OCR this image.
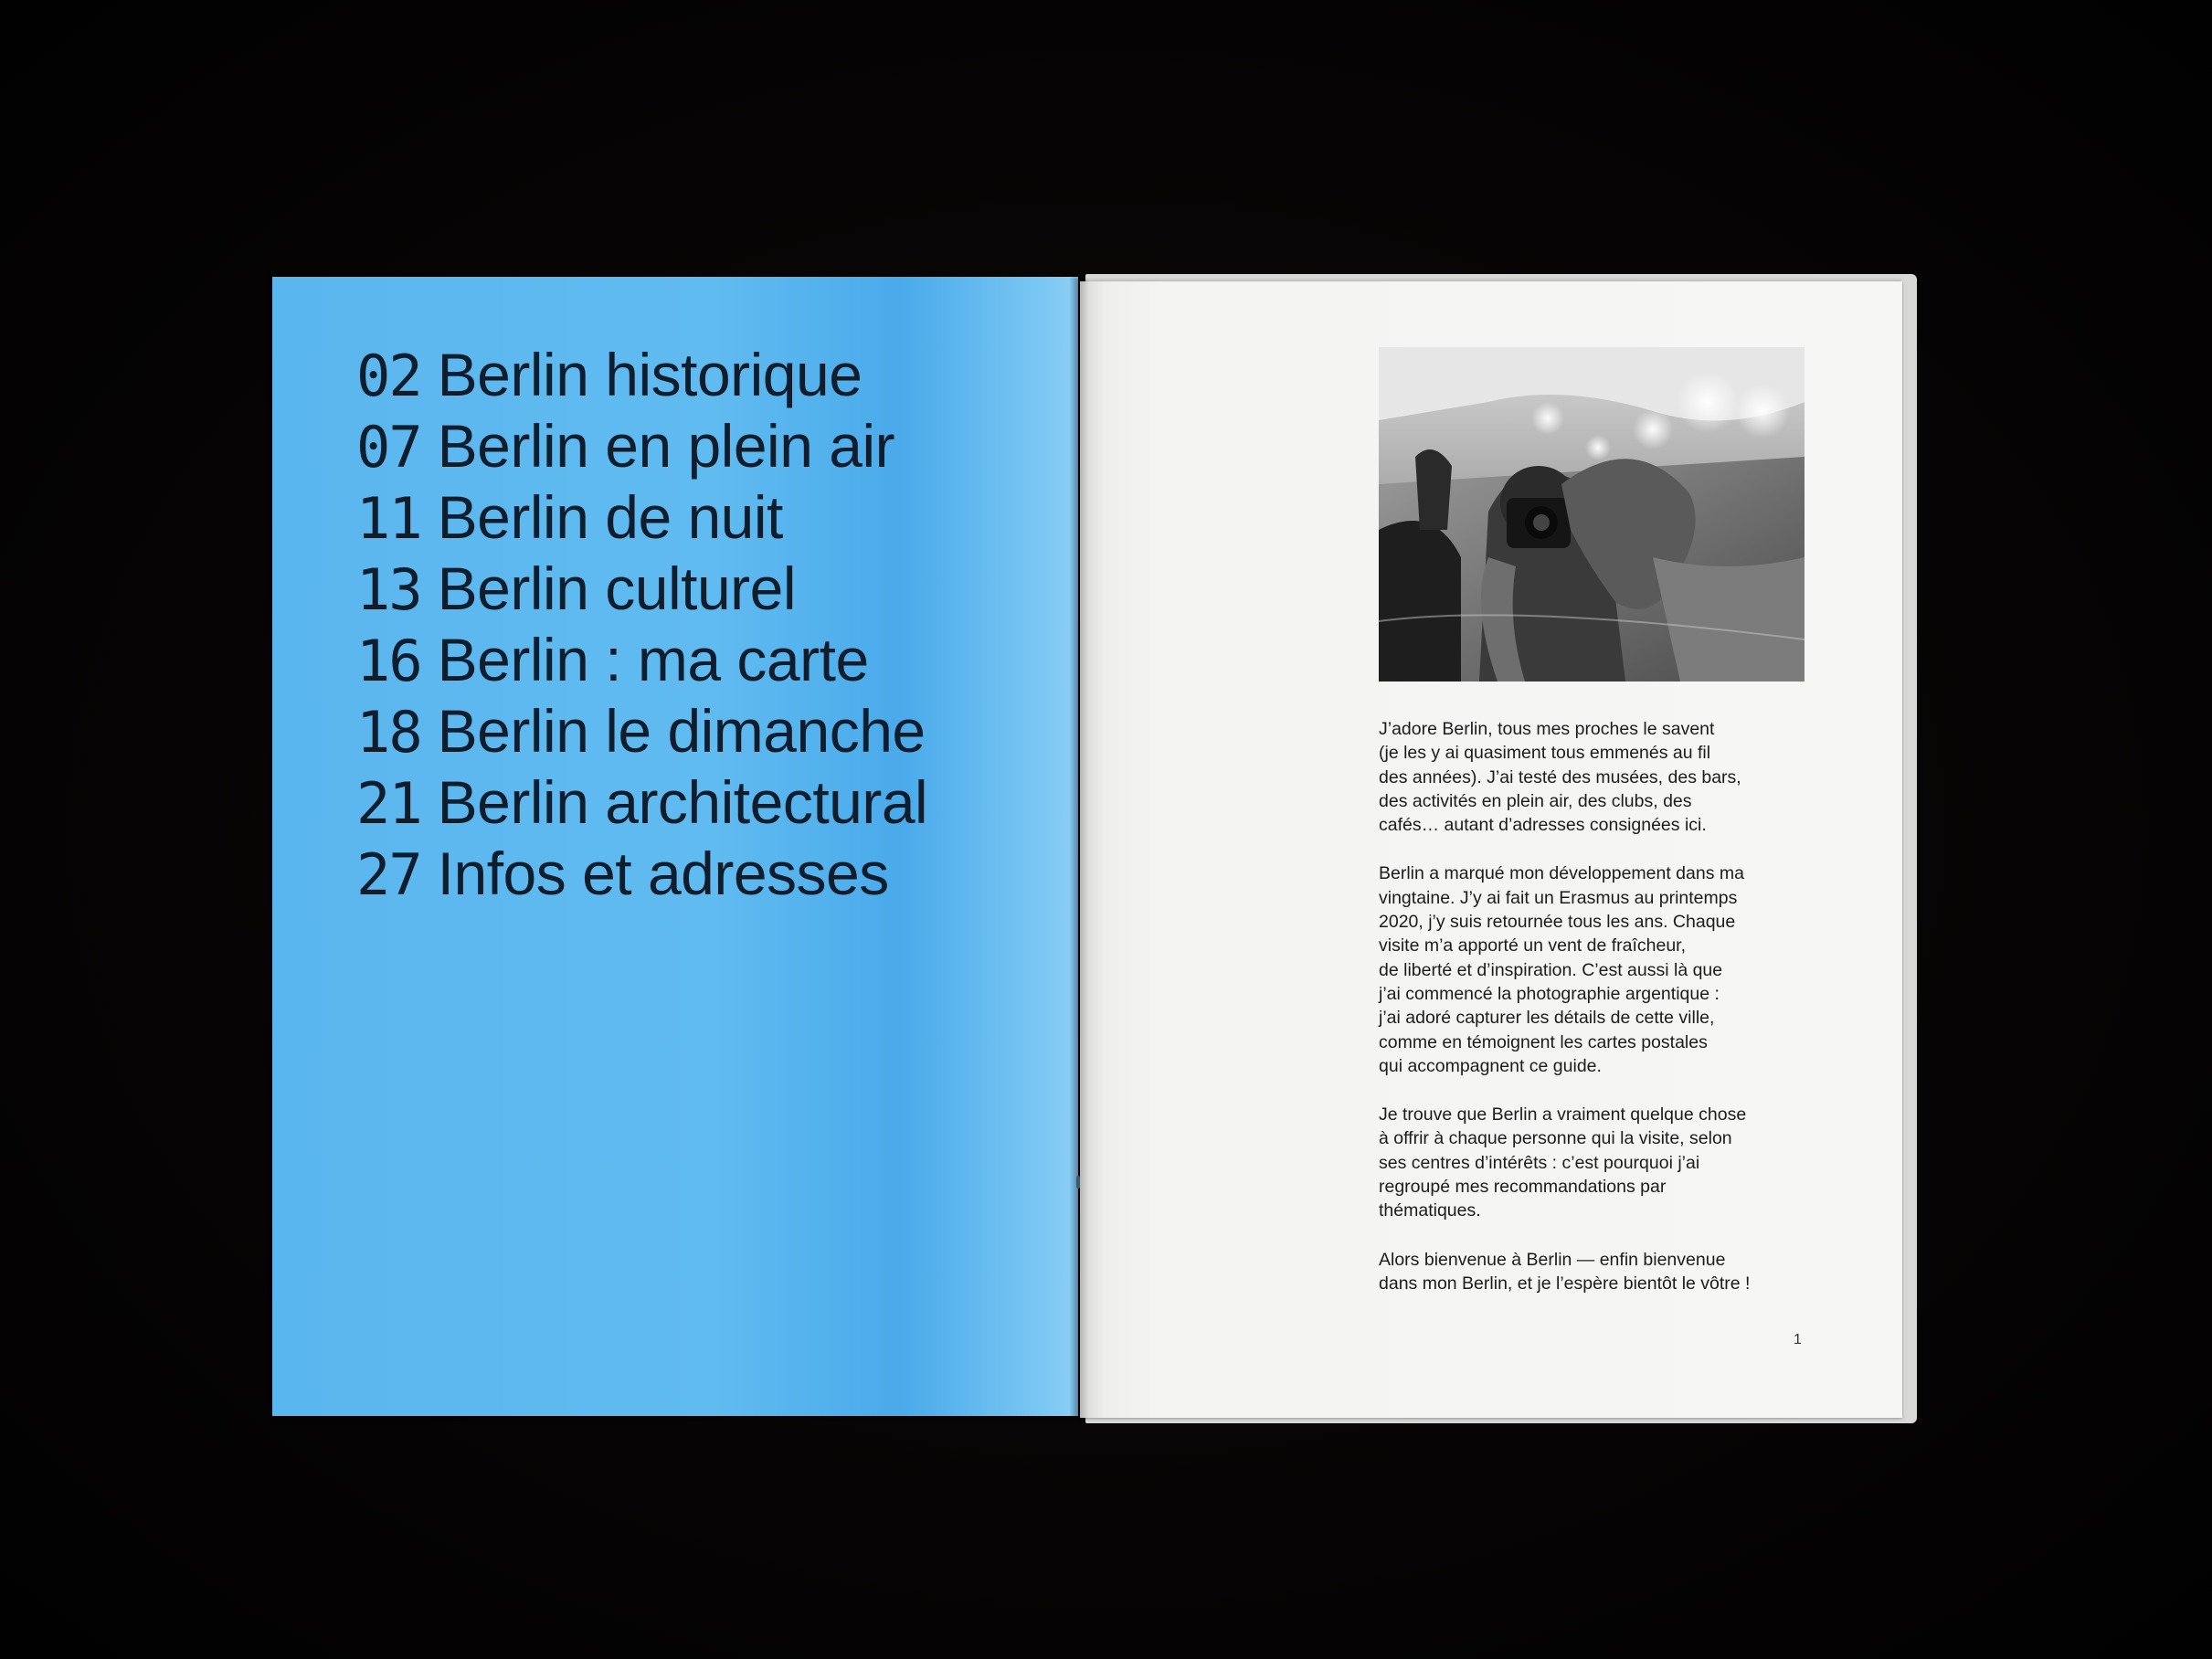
02 Berlin historique
07 Berlin en plein air
11 Berlin de nuit
13 Berlin culturel
16 Berlin : ma carte
18 Berlin le dimanche
21 Berlin architectural
27 Infos et adresses

J’adore Berlin, tous mes proches le savent
(je les y ai quasiment tous emmenés au fil
des années). J’ai testé des musées, des bars,
des activités en plein air, des clubs, des
cafés… autant d’adresses consignées ici.

Berlin a marqué mon développement dans ma
vingtaine. J’y ai fait un Erasmus au printemps
2020, j’y suis retournée tous les ans. Chaque
visite m’a apporté un vent de fraîcheur,
de liberté et d’inspiration. C’est aussi là que
j’ai commencé la photographie argentique :
j’ai adoré capturer les détails de cette ville,
comme en témoignent les cartes postales
qui accompagnent ce guide.

Je trouve que Berlin a vraiment quelque chose
à offrir à chaque personne qui la visite, selon
ses centres d’intérêts : c’est pourquoi j’ai
regroupé mes recommandations par
thématiques.

Alors bienvenue à Berlin — enfin bienvenue
dans mon Berlin, et je l’espère bientôt le vôtre !

1
